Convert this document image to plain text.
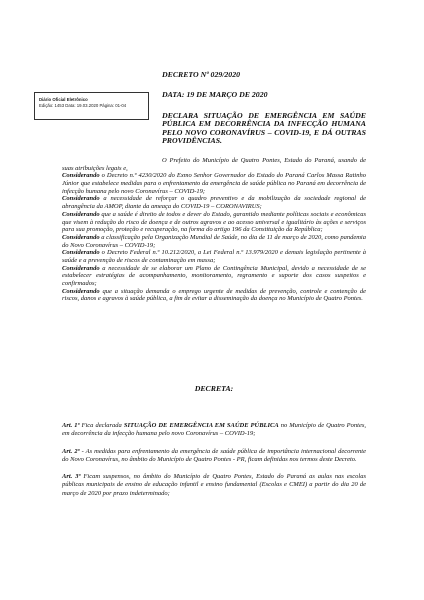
Diário Oficial Eletrônico
Edição: 1453 Data: 19.03.2020 Página: 01-04
DECRETO Nº 029/2020
DATA: 19 DE MARÇO DE 2020
DECLARA SITUAÇÃO DE EMERGÊNCIA EM SAÚDE PÚBLICA EM DECORRÊNCIA DA INFECÇÃO HUMANA PELO NOVO CORONAVÍRUS – COVID-19, E DÁ OUTRAS PROVIDÊNCIAS.

O Prefeito do Município de Quatro Pontes, Estado do Paraná, usando de suas atribuições legais e,

Considerando o Decreto n.º 4230/2020 do Exmo Senhor Governador do Estado do Paraná Carlos Massa Ratinho Júnior que estabelece medidas para o enfrentamento da emergência de saúde pública no Paraná em decorrência de infecção humana pelo novo Coronavírus – COVID-19;

Considerando a necessidade de reforçar o quadro preventivo e da mobilização da sociedade regional de abrangência da AMOP, diante da ameaça do COVID-19 – CORONAVIRUS;

Considerando que a saúde é direito de todos e dever do Estado, garantido mediante políticas sociais e econômicas que visem à redução do risco de doença e de outros agravos e ao acesso universal e igualitário às ações e serviços para sua promoção, proteção e recuperação, na forma do artigo 196 da Constituição da República;

Considerando a classificação pela Organização Mundial de Saúde, no dia de 11 de março de 2020, como pandemia do Novo Coronavírus – COVID-19;

Considerando o Decreto Federal n.º 10.212/2020, a Lei Federal n.º 13.979/2020 e demais legislação pertinente à saúde e a prevenção de riscos de contaminação em massa;

Considerando a necessidade de se elaborar um Plano de Contingência Municipal, devido a necessidade de se estabelecer estratégias de acompanhamento, monitoramento, regramento e suporte dos casos suspeitos e confirmados;

Considerando que a situação demanda o emprego urgente de medidas de prevenção, controle e contenção de riscos, danos e agravos à saúde pública, a fim de evitar a disseminação da doença no Município de Quatro Pontes.

DECRETA:

Art. 1º Fica declarada SITUAÇÃO DE EMERGÊNCIA EM SAÚDE PÚBLICA no Município de Quatro Pontes, em decorrência da infecção humana pelo novo Coronavírus – COVID-19;

Art. 2º - As medidas para enfrentamento da emergência de saúde pública de importância internacional decorrente do Novo Coronavírus, no âmbito do Município de Quatro Pontes - PR, ficam definidas nos termos deste Decreto.

Art. 3º Ficam suspensos, no âmbito do Município de Quatro Pontes, Estado do Paraná as aulas nas escolas públicas municipais de ensino de educação infantil e ensino fundamental (Escolas e CMEI) a partir do dia 20 de março de 2020 por prazo indeterminado;
